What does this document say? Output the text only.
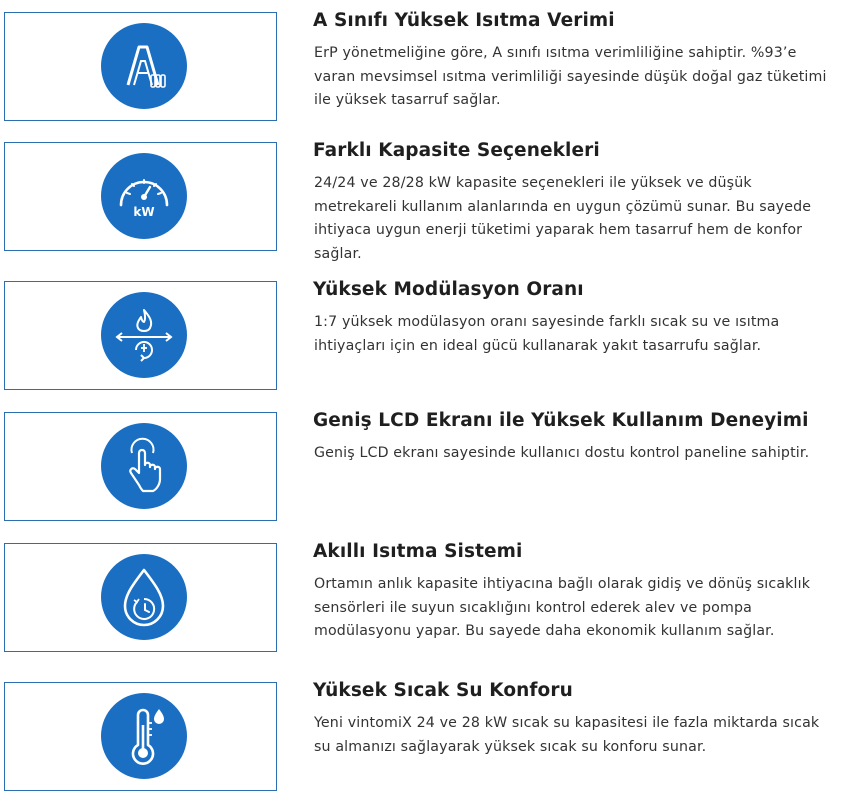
A Sınıfı Yüksek Isıtma Verimi
ErP yönetmeliğine göre, A sınıfı ısıtma verimliliğine sahiptir. %93’e varan mevsimsel ısıtma verimliliği sayesinde düşük doğal gaz tüketimi ile yüksek tasarruf sağlar.
kW
Farklı Kapasite Seçenekleri
24/24 ve 28/28 kW kapasite seçenekleri ile yüksek ve düşük metrekareli kullanım alanlarında en uygun çözümü sunar. Bu sayede ihtiyaca uygun enerji tüketimi yaparak hem tasarruf hem de konfor sağlar.
Yüksek Modülasyon Oranı
1:7 yüksek modülasyon oranı sayesinde farklı sıcak su ve ısıtma ihtiyaçları için en ideal gücü kullanarak yakıt tasarrufu sağlar.
Geniş LCD Ekranı ile Yüksek Kullanım Deneyimi
Geniş LCD ekranı sayesinde kullanıcı dostu kontrol paneline sahiptir.
Akıllı Isıtma Sistemi
Ortamın anlık kapasite ihtiyacına bağlı olarak gidiş ve dönüş sıcaklık sensörleri ile suyun sıcaklığını kontrol ederek alev ve pompa modülasyonu yapar. Bu sayede daha ekonomik kullanım sağlar.
Yüksek Sıcak Su Konforu
Yeni vintomiX 24 ve 28 kW sıcak su kapasitesi ile fazla miktarda sıcak su almanızı sağlayarak yüksek sıcak su konforu sunar.
